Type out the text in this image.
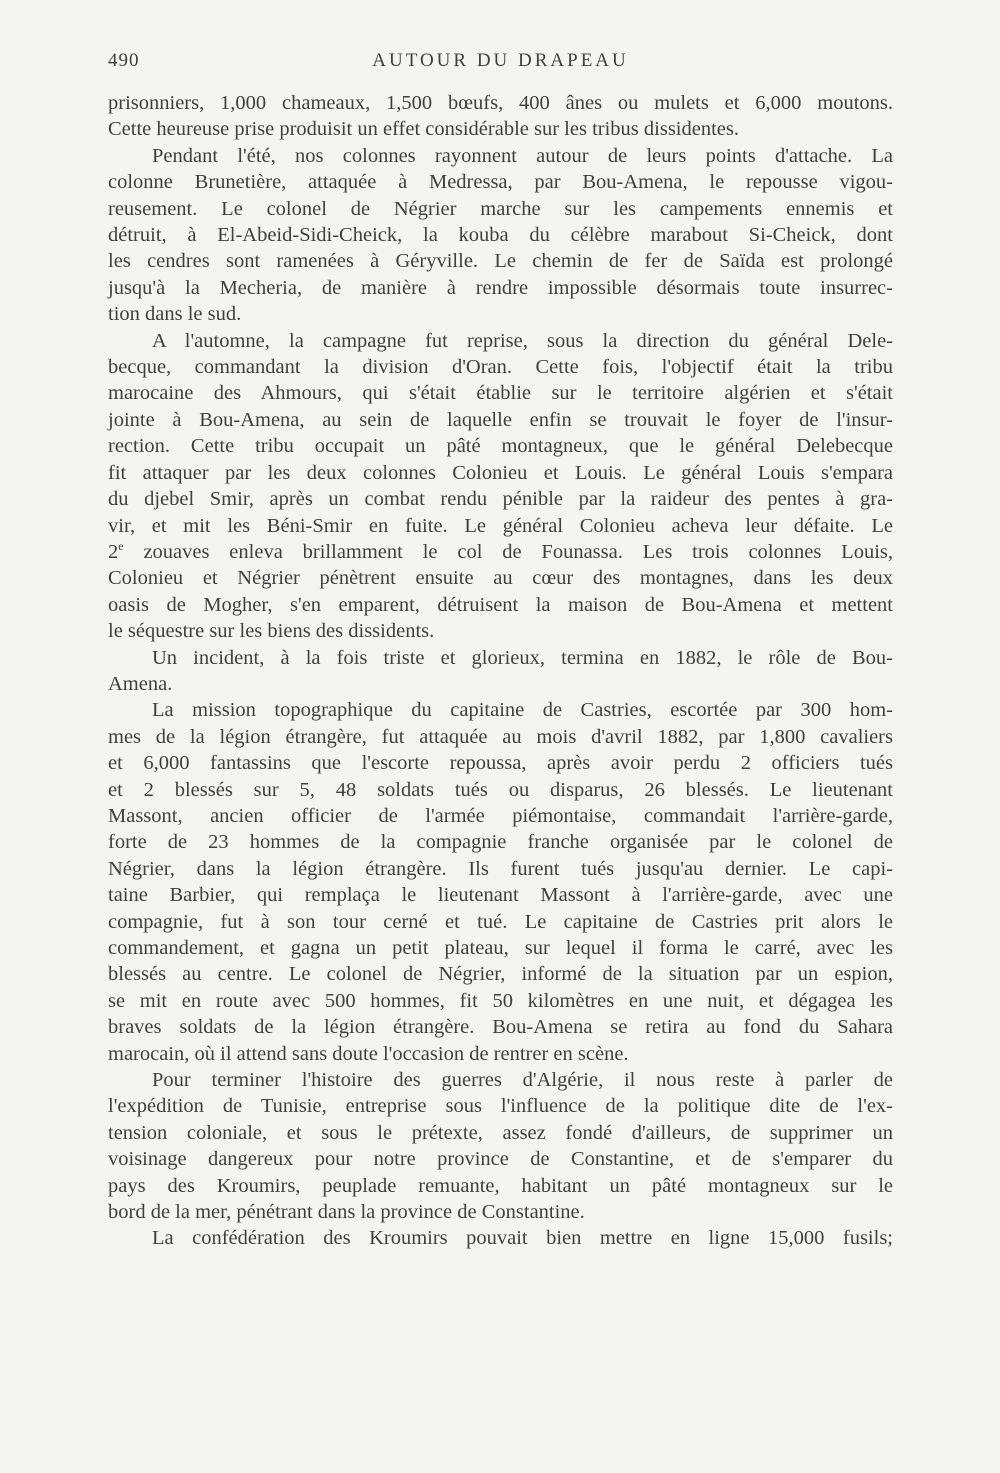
490	AUTOUR DU DRAPEAU
prisonniers, 1,000 chameaux, 1,500 bœufs, 400 ânes ou mulets et 6,000 moutons.
Cette heureuse prise produisit un effet considérable sur les tribus dissidentes.
Pendant l'été, nos colonnes rayonnent autour de leurs points d'attache. La
colonne Brunetière, attaquée à Medressa, par Bou-Amena, le repousse vigou-
reusement. Le colonel de Négrier marche sur les campements ennemis et
détruit, à El-Abeid-Sidi-Cheick, la kouba du célèbre marabout Si-Cheick, dont
les cendres sont ramenées à Géryville. Le chemin de fer de Saïda est prolongé
jusqu'à la Mecheria, de manière à rendre impossible désormais toute insurrec-
tion dans le sud.
A l'automne, la campagne fut reprise, sous la direction du général Dele-
becque, commandant la division d'Oran. Cette fois, l'objectif était la tribu
marocaine des Ahmours, qui s'était établie sur le territoire algérien et s'était
jointe à Bou-Amena, au sein de laquelle enfin se trouvait le foyer de l'insur-
rection. Cette tribu occupait un pâté montagneux, que le général Delebecque
fit attaquer par les deux colonnes Colonieu et Louis. Le général Louis s'empara
du djebel Smir, après un combat rendu pénible par la raideur des pentes à gra-
vir, et mit les Béni-Smir en fuite. Le général Colonieu acheva leur défaite. Le
2e zouaves enleva brillamment le col de Founassa. Les trois colonnes Louis,
Colonieu et Négrier pénètrent ensuite au cœur des montagnes, dans les deux
oasis de Mogher, s'en emparent, détruisent la maison de Bou-Amena et mettent
le séquestre sur les biens des dissidents.
Un incident, à la fois triste et glorieux, termina en 1882, le rôle de Bou-
Amena.
La mission topographique du capitaine de Castries, escortée par 300 hom-
mes de la légion étrangère, fut attaquée au mois d'avril 1882, par 1,800 cavaliers
et 6,000 fantassins que l'escorte repoussa, après avoir perdu 2 officiers tués
et 2 blessés sur 5, 48 soldats tués ou disparus, 26 blessés. Le lieutenant
Massont, ancien officier de l'armée piémontaise, commandait l'arrière-garde,
forte de 23 hommes de la compagnie franche organisée par le colonel de
Négrier, dans la légion étrangère. Ils furent tués jusqu'au dernier. Le capi-
taine Barbier, qui remplaça le lieutenant Massont à l'arrière-garde, avec une
compagnie, fut à son tour cerné et tué. Le capitaine de Castries prit alors le
commandement, et gagna un petit plateau, sur lequel il forma le carré, avec les
blessés au centre. Le colonel de Négrier, informé de la situation par un espion,
se mit en route avec 500 hommes, fit 50 kilomètres en une nuit, et dégagea les
braves soldats de la légion étrangère. Bou-Amena se retira au fond du Sahara
marocain, où il attend sans doute l'occasion de rentrer en scène.
Pour terminer l'histoire des guerres d'Algérie, il nous reste à parler de
l'expédition de Tunisie, entreprise sous l'influence de la politique dite de l'ex-
tension coloniale, et sous le prétexte, assez fondé d'ailleurs, de supprimer un
voisinage dangereux pour notre province de Constantine, et de s'emparer du
pays des Kroumirs, peuplade remuante, habitant un pâté montagneux sur le
bord de la mer, pénétrant dans la province de Constantine.
La confédération des Kroumirs pouvait bien mettre en ligne 15,000 fusils;
